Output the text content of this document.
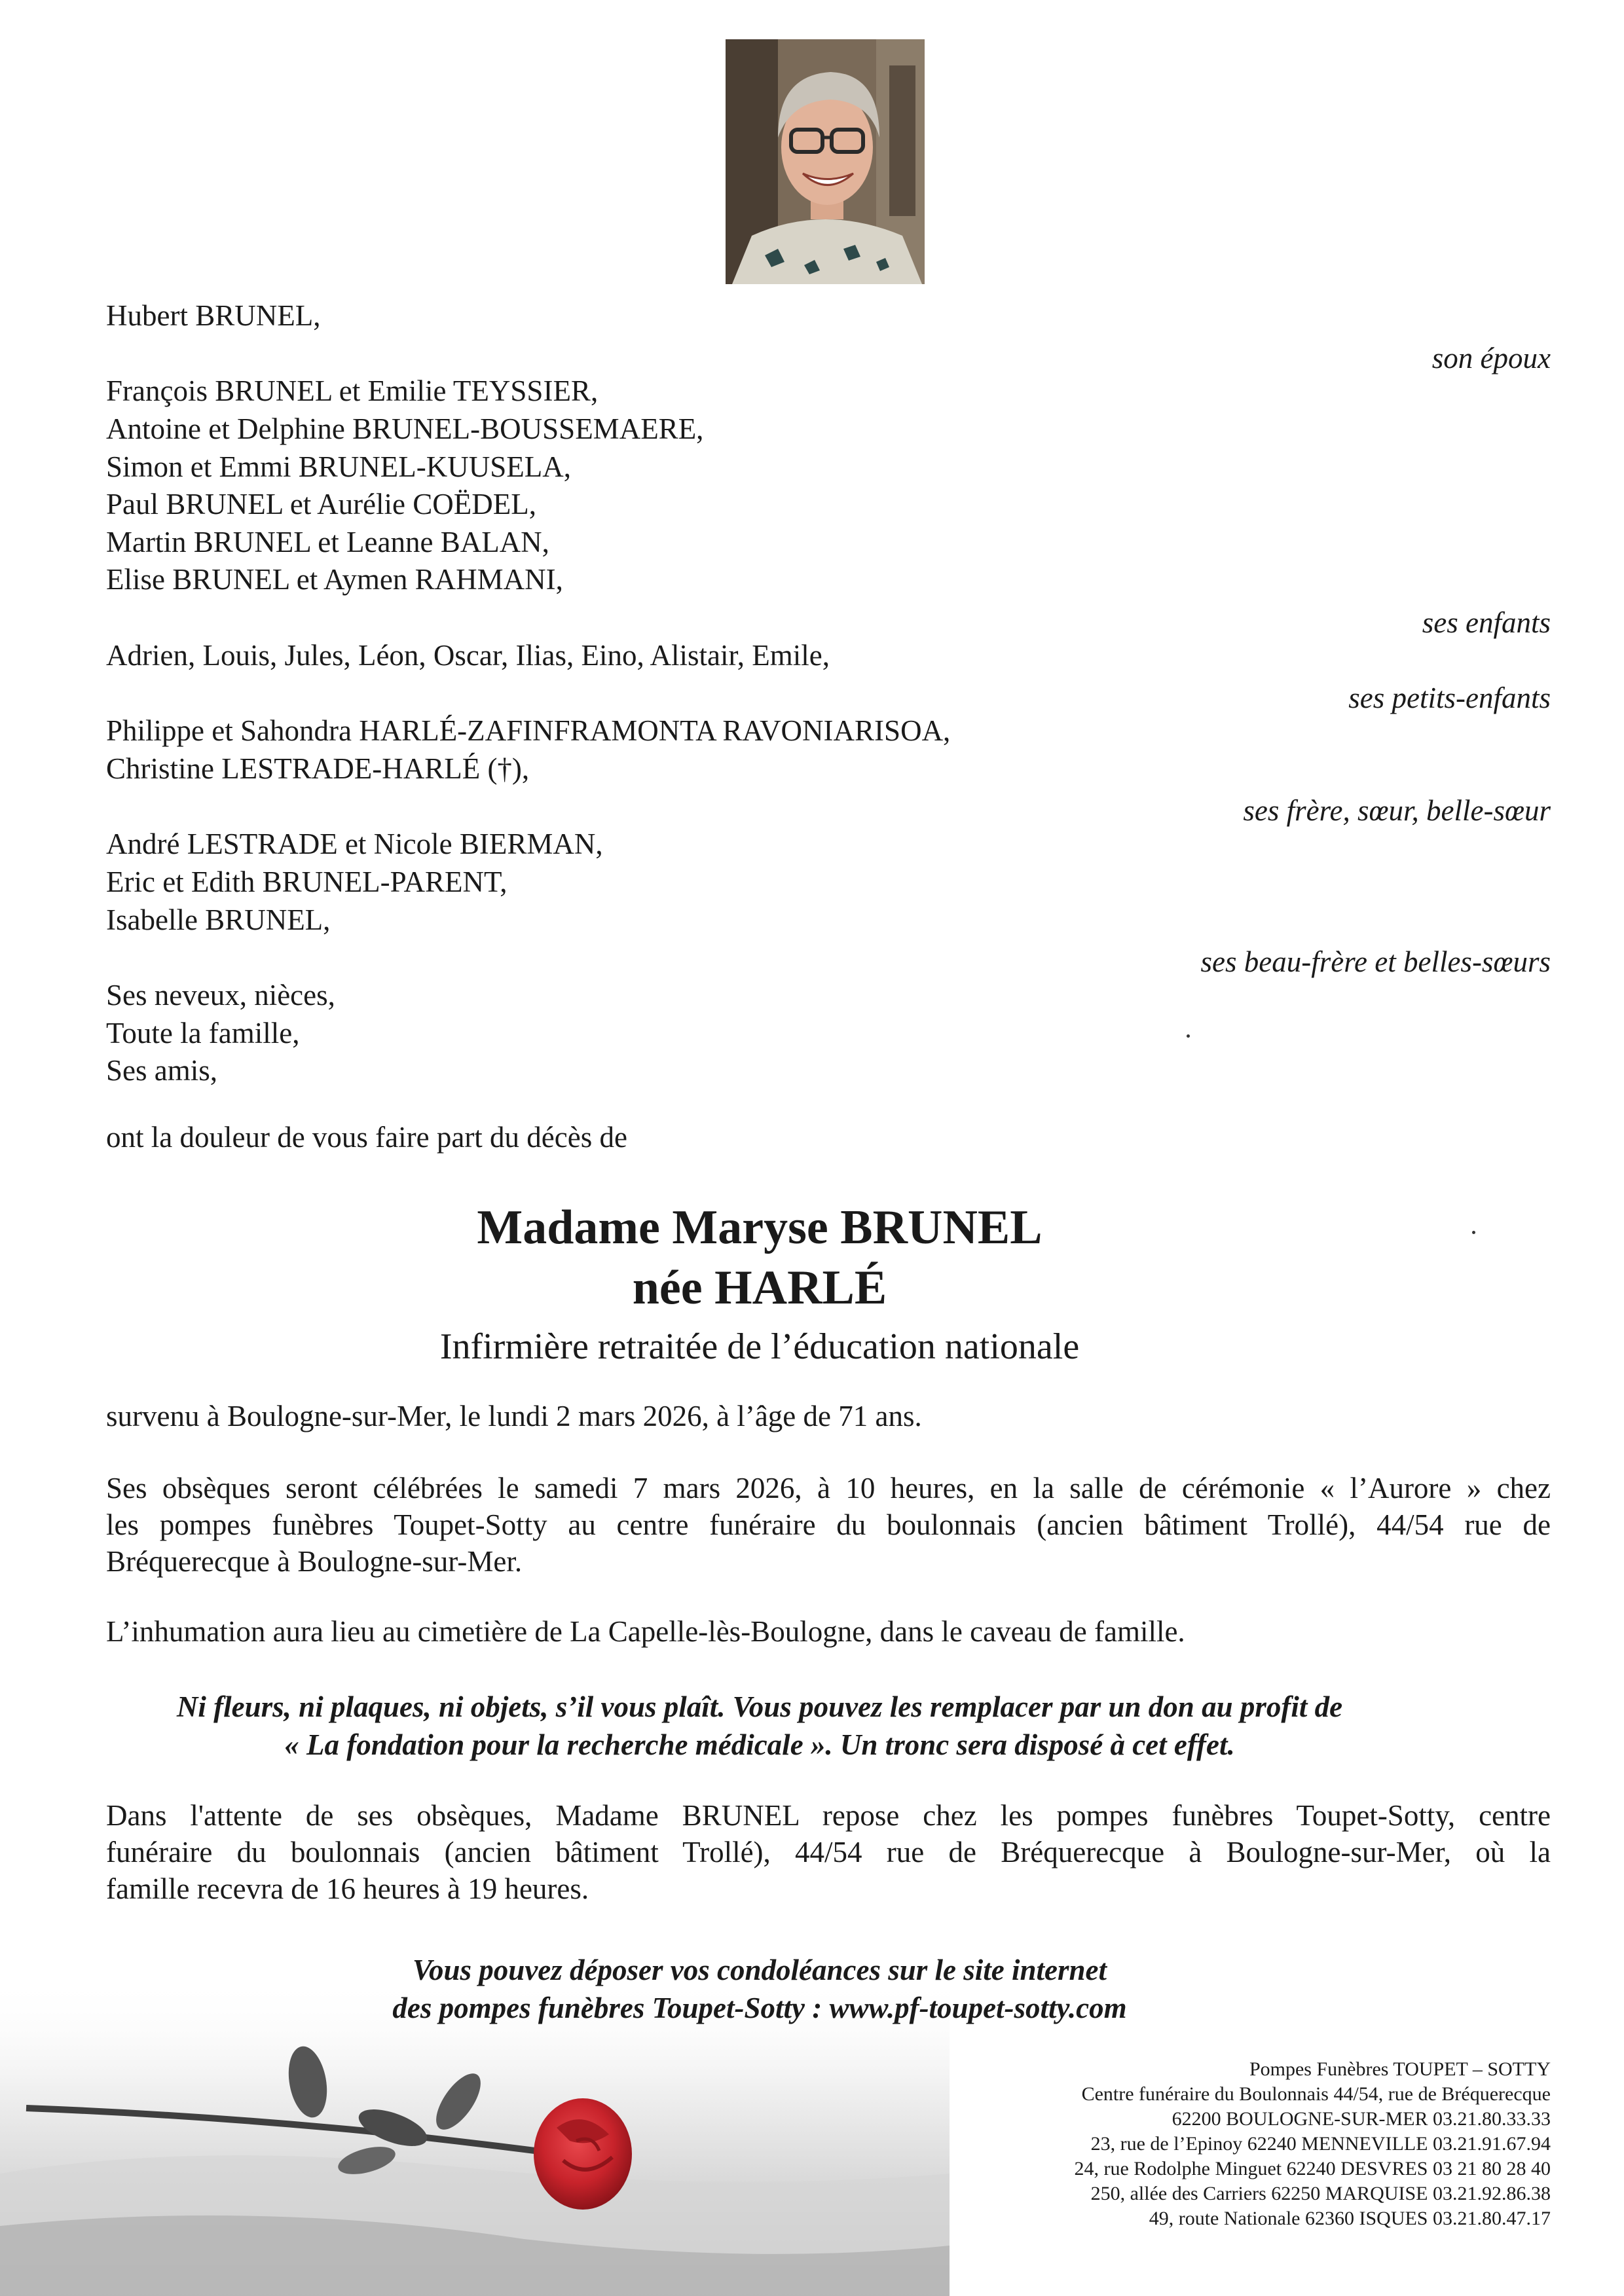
Hubert BRUNEL,
son époux
François BRUNEL et Emilie TEYSSIER,
Antoine et Delphine BRUNEL-BOUSSEMAERE,
Simon et Emmi BRUNEL-KUUSELA,
Paul BRUNEL et Aurélie COËDEL,
Martin BRUNEL et Leanne BALAN,
Elise BRUNEL et Aymen RAHMANI,
ses enfants
Adrien, Louis, Jules, Léon, Oscar, Ilias, Eino, Alistair, Emile,
ses petits-enfants
Philippe et Sahondra HARLÉ-ZAFINFRAMONTA RAVONIARISOA,
Christine LESTRADE-HARLÉ (†),
ses frère, sœur, belle-sœur
André LESTRADE et Nicole BIERMAN,
Eric et Edith BRUNEL-PARENT,
Isabelle BRUNEL,
ses beau-frère et belles-sœurs
Ses neveux, nièces,
Toute la famille,
Ses amis,
ont la douleur de vous faire part du décès de
Madame Maryse BRUNEL
née HARLÉ
Infirmière retraitée de l’éducation nationale
survenu à Boulogne-sur-Mer, le lundi 2 mars 2026, à l’âge de 71 ans.
Ses obsèques seront célébrées le samedi 7 mars 2026, à 10 heures, en la salle de cérémonie « l’Aurore » chez
les pompes funèbres Toupet-Sotty au centre funéraire du boulonnais (ancien bâtiment Trollé), 44/54 rue de
Bréquerecque à Boulogne-sur-Mer.
L’inhumation aura lieu au cimetière de La Capelle-lès-Boulogne, dans le caveau de famille.
Ni fleurs, ni plaques, ni objets, s’il vous plaît. Vous pouvez les remplacer par un don au profit de
« La fondation pour la recherche médicale ». Un tronc sera disposé à cet effet.
Dans l'attente de ses obsèques, Madame BRUNEL repose chez les pompes funèbres Toupet-Sotty, centre
funéraire du boulonnais (ancien bâtiment Trollé), 44/54 rue de Bréquerecque à Boulogne-sur-Mer, où la
famille recevra de 16 heures à 19 heures.
Vous pouvez déposer vos condoléances sur le site internet
des pompes funèbres Toupet-Sotty : www.pf-toupet-sotty.com
Pompes Funèbres TOUPET – SOTTY
Centre funéraire du Boulonnais 44/54, rue de Bréquerecque
62200 BOULOGNE-SUR-MER 03.21.80.33.33
23, rue de l’Epinoy 62240 MENNEVILLE 03.21.91.67.94
24, rue Rodolphe Minguet 62240 DESVRES 03 21 80 28 40
250, allée des Carriers 62250 MARQUISE 03.21.92.86.38
49, route Nationale 62360 ISQUES 03.21.80.47.17
